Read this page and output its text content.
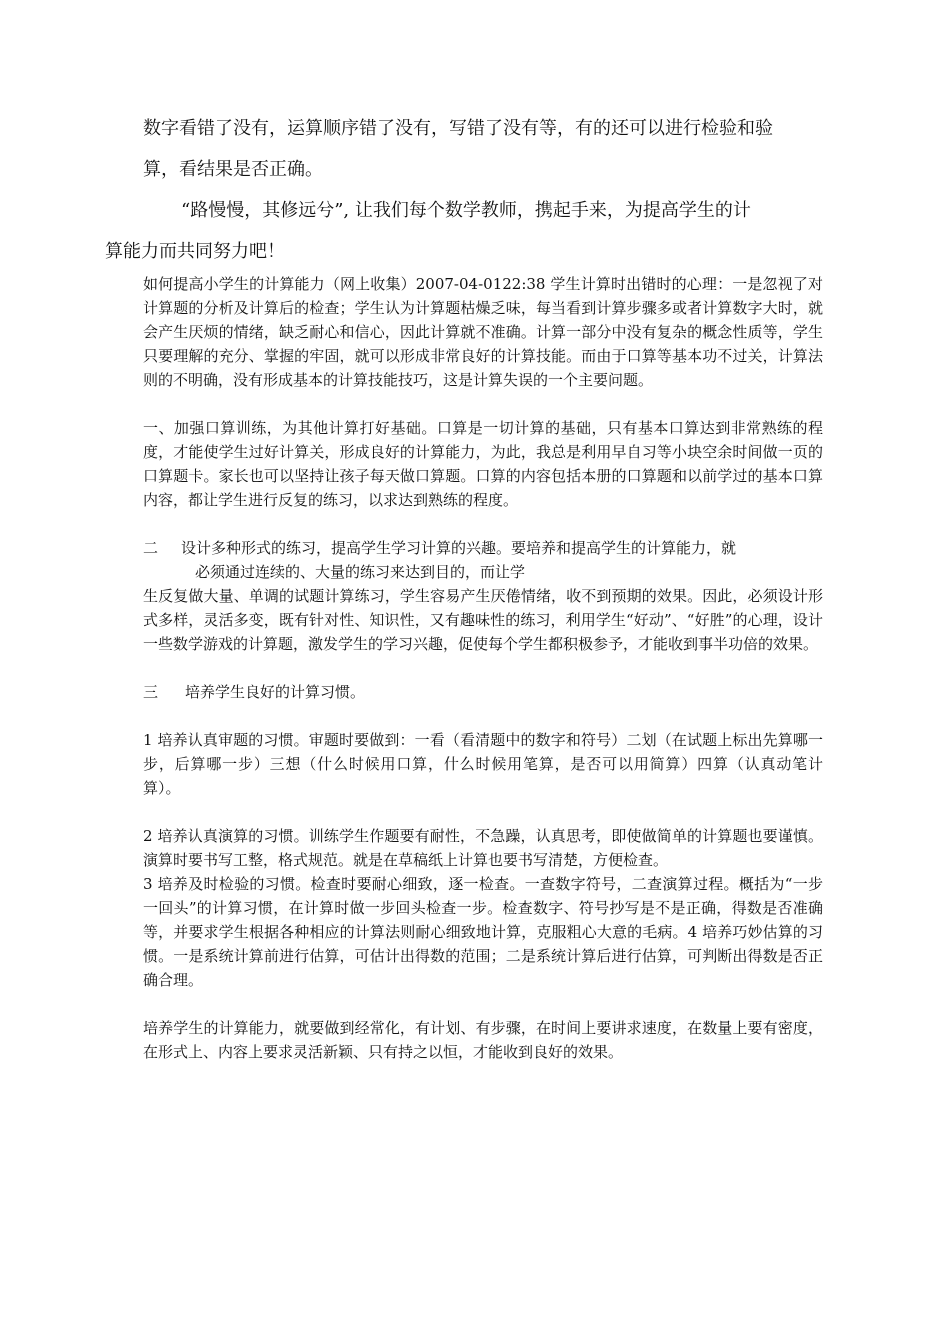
数字看错了没有，运算顺序错了没有，写错了没有等，有的还可以进行检验和验
算，看结果是否正确。

“路慢慢，其修远兮”, 让我们每个数学教师，携起手来，为提高学生的计
算能力而共同努力吧！

如何提高小学生的计算能力（网上收集）2007-04-0122:38 学生计算时出错时的心理：一是忽视了对计算题的分析及计算后的检查；学生认为计算题枯燥乏味，每当看到计算步骤多或者计算数字大时，就会产生厌烦的情绪，缺乏耐心和信心，因此计算就不准确。计算一部分中没有复杂的概念性质等，学生只要理解的充分、掌握的牢固，就可以形成非常良好的计算技能。而由于口算等基本功不过关，计算法则的不明确，没有形成基本的计算技能技巧，这是计算失误的一个主要问题。

一、加强口算训练，为其他计算打好基础。口算是一切计算的基础，只有基本口算达到非常熟练的程度，才能使学生过好计算关，形成良好的计算能力，为此，我总是利用早自习等小块空余时间做一页的口算题卡。家长也可以坚持让孩子每天做口算题。口算的内容包括本册的口算题和以前学过的基本口算内容，都让学生进行反复的练习，以求达到熟练的程度。

二	设计多种形式的练习，提高学生学习计算的兴趣。要培养和提高学生的计算能力，就
必须通过连续的、大量的练习来达到目的，而让学

生反复做大量、单调的试题计算练习，学生容易产生厌倦情绪，收不到预期的效果。因此，必须设计形式多样，灵活多变，既有针对性、知识性，又有趣味性的练习，利用学生“好动”、“好胜”的心理，设计一些数学游戏的计算题，激发学生的学习兴趣，促使每个学生都积极参予，才能收到事半功倍的效果。

三	培养学生良好的计算习惯。

1 培养认真审题的习惯。审题时要做到：一看（看清题中的数字和符号）二划（在试题上标出先算哪一步，后算哪一步）三想（什么时候用口算，什么时候用笔算，是否可以用简算）四算（认真动笔计算）。

2 培养认真演算的习惯。训练学生作题要有耐性，不急躁，认真思考，即使做简单的计算题也要谨慎。演算时要书写工整，格式规范。就是在草稿纸上计算也要书写清楚，方便检查。

3 培养及时检验的习惯。检查时要耐心细致，逐一检查。一查数字符号，二查演算过程。概括为“一步一回头”的计算习惯，在计算时做一步回头检查一步。检查数字、符号抄写是不是正确，得数是否准确等，并要求学生根据各种相应的计算法则耐心细致地计算，克服粗心大意的毛病。4 培养巧妙估算的习惯。一是系统计算前进行估算，可估计出得数的范围；二是系统计算后进行估算，可判断出得数是否正确合理。

培养学生的计算能力，就要做到经常化，有计划、有步骤，在时间上要讲求速度，在数量上要有密度，在形式上、内容上要求灵活新颖、只有持之以恒，才能收到良好的效果。
